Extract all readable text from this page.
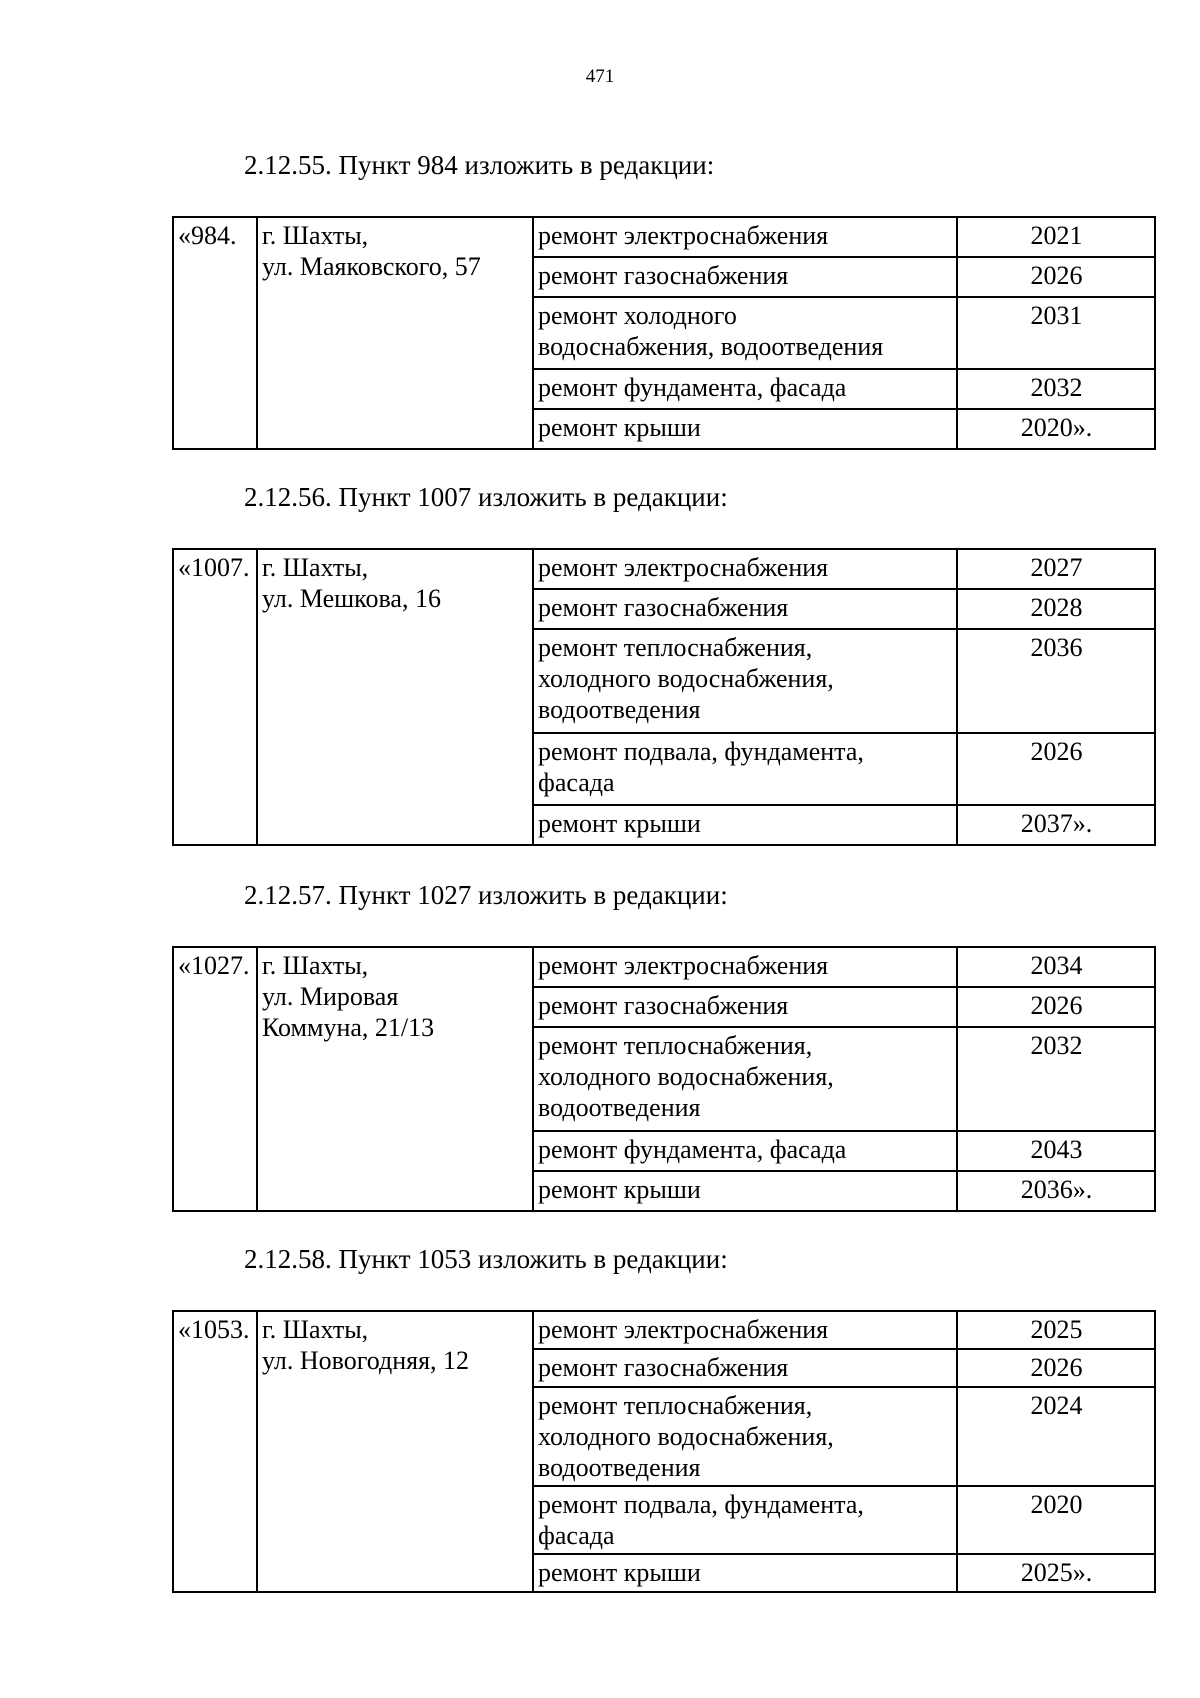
471
2.12.55. Пункт 984 изложить в редакции:
«984.	г. Шахты,
ул. Маяковского, 57	ремонт электроснабжения	2021
		ремонт газоснабжения	2026
		ремонт холодного
водоснабжения, водоотведения	2031
		ремонт фундамента, фасада	2032
		ремонт крыши	2020».
2.12.56. Пункт 1007 изложить в редакции:
«1007.	г. Шахты,
ул. Мешкова, 16	ремонт электроснабжения	2027
		ремонт газоснабжения	2028
		ремонт теплоснабжения,
холодного водоснабжения,
водоотведения	2036
		ремонт подвала, фундамента,
фасада	2026
		ремонт крыши	2037».
2.12.57. Пункт 1027 изложить в редакции:
«1027.	г. Шахты,
ул. Мировая
Коммуна, 21/13	ремонт электроснабжения	2034
		ремонт газоснабжения	2026
		ремонт теплоснабжения,
холодного водоснабжения,
водоотведения	2032
		ремонт фундамента, фасада	2043
		ремонт крыши	2036».
2.12.58. Пункт 1053 изложить в редакции:
«1053.	г. Шахты,
ул. Новогодняя, 12	ремонт электроснабжения	2025
		ремонт газоснабжения	2026
		ремонт теплоснабжения,
холодного водоснабжения,
водоотведения	2024
		ремонт подвала, фундамента,
фасада	2020
		ремонт крыши	2025».
